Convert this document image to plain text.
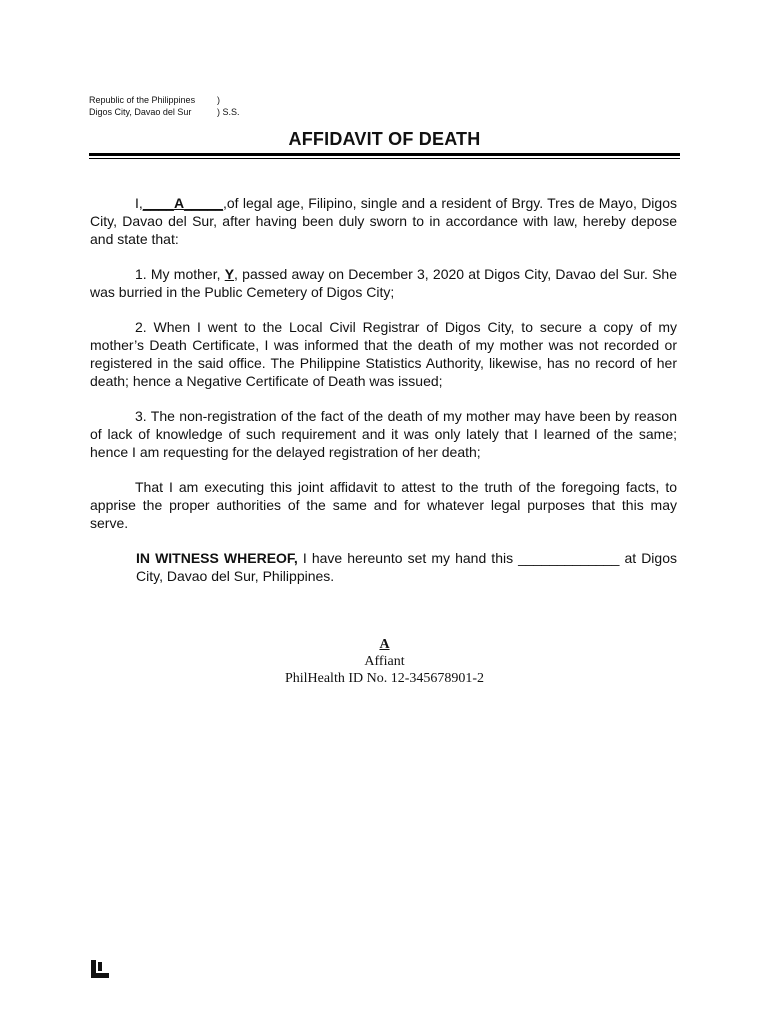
Republic of the Philippines	)
Digos City, Davao del Sur	) S.S.
AFFIDAVIT OF DEATH

I,____A_____,of legal age, Filipino, single and a resident of Brgy. Tres de Mayo, Digos City, Davao del Sur, after having been duly sworn to in accordance with law, hereby depose and state that:

1. My mother, Y, passed away on December 3, 2020 at Digos City, Davao del Sur. She was burried in the Public Cemetery of Digos City;

2. When I went to the Local Civil Registrar of Digos City, to secure a copy of my mother’s Death Certificate, I was informed that the death of my mother was not recorded or registered in the said office. The Philippine Statistics Authority, likewise, has no record of her death; hence a Negative Certificate of Death was issued;

3. The non-registration of the fact of the death of my mother may have been by reason of lack of knowledge of such requirement and it was only lately that I learned of the same; hence I am requesting for the delayed registration of her death;

That I am executing this joint affidavit to attest to the truth of the foregoing facts, to apprise the proper authorities of the same and for whatever legal purposes that this may serve.

IN WITNESS WHEREOF, I have hereunto set my hand this _____________ at Digos City, Davao del Sur, Philippines.
A
Affiant
PhilHealth ID No. 12-345678901-2
